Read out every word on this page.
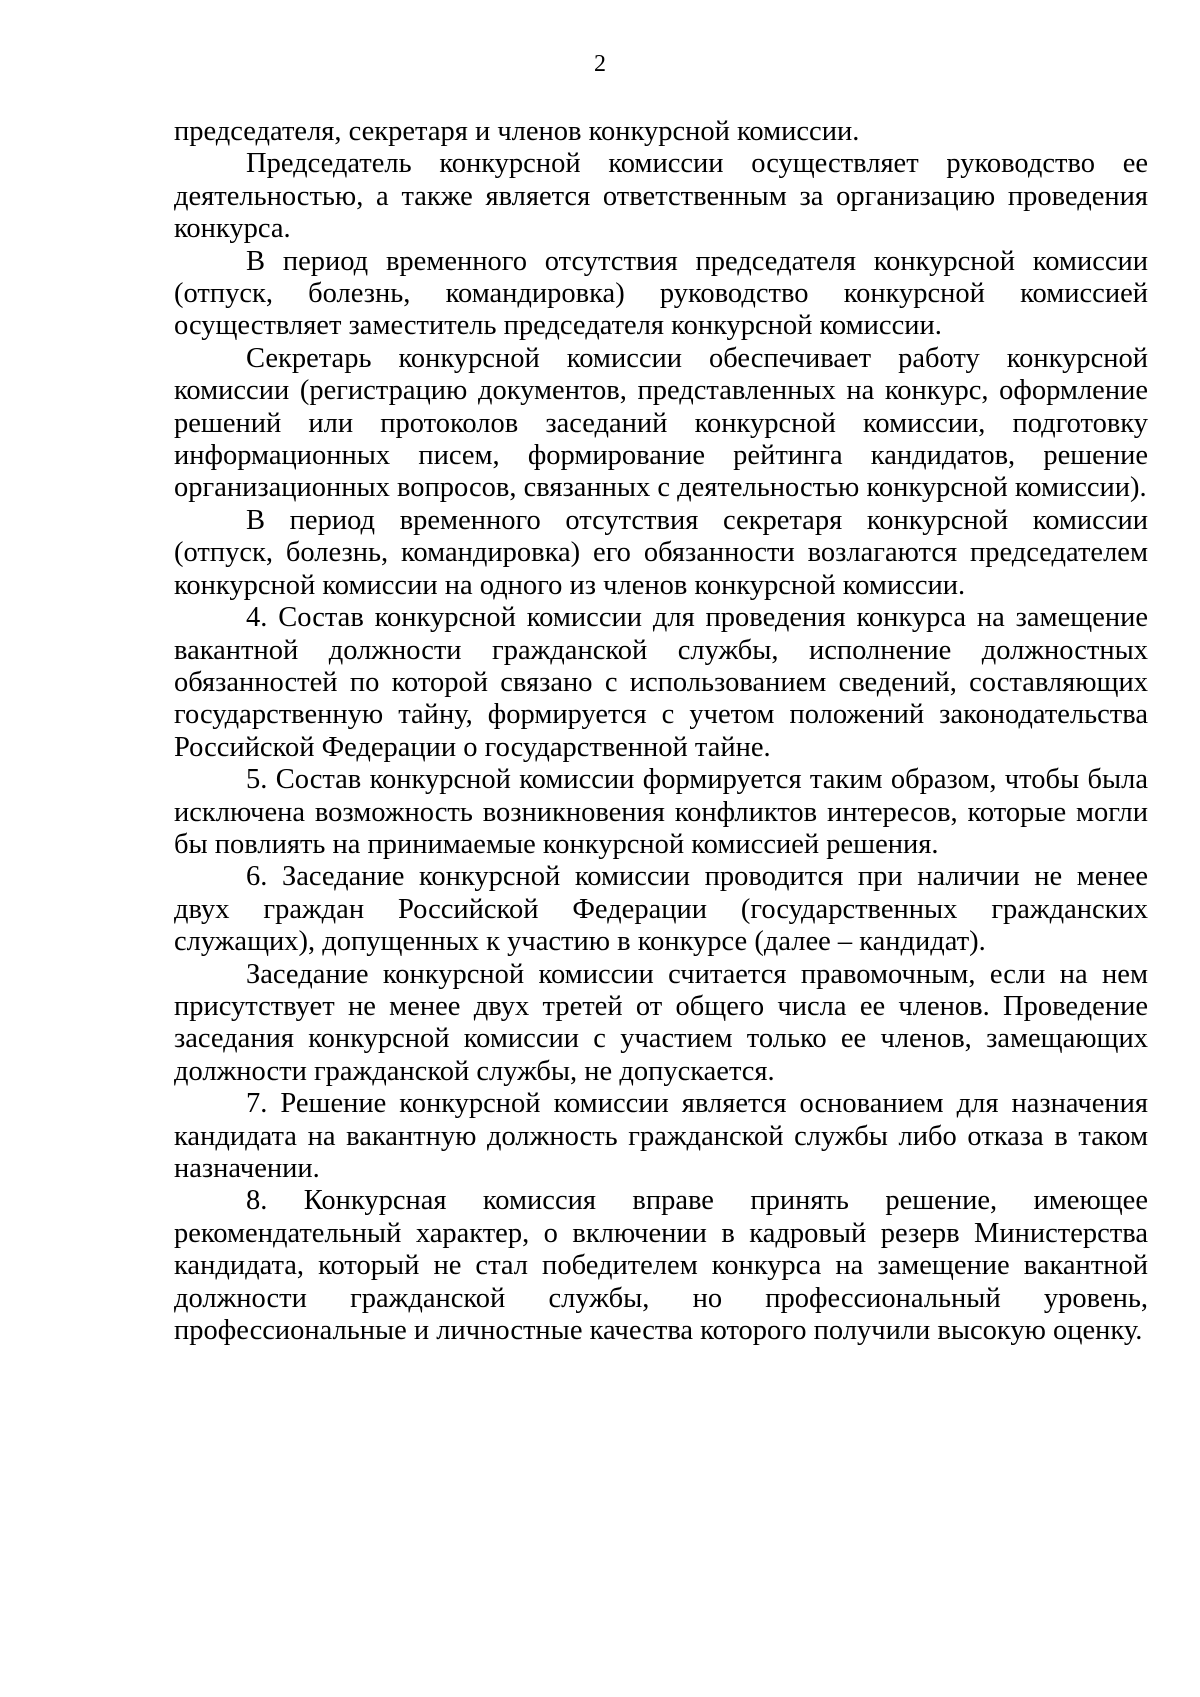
2

председателя, секретаря и членов конкурсной комиссии.

Председатель конкурсной комиссии осуществляет руководство ее деятельностью, а также является ответственным за организацию проведения конкурса.

В период временного отсутствия председателя конкурсной комиссии (отпуск, болезнь, командировка) руководство конкурсной комиссией осуществляет заместитель председателя конкурсной комиссии.

Секретарь конкурсной комиссии обеспечивает работу конкурсной комиссии (регистрацию документов, представленных на конкурс, оформление решений или протоколов заседаний конкурсной комиссии, подготовку информационных писем, формирование рейтинга кандидатов, решение организационных вопросов, связанных с деятельностью конкурсной комиссии).

В период временного отсутствия секретаря конкурсной комиссии (отпуск, болезнь, командировка) его обязанности возлагаются председателем конкурсной комиссии на одного из членов конкурсной комиссии.

4. Состав конкурсной комиссии для проведения конкурса на замещение вакантной должности гражданской службы, исполнение должностных обязанностей по которой связано с использованием сведений, составляющих государственную тайну, формируется с учетом положений законодательства Российской Федерации о государственной тайне.

5. Состав конкурсной комиссии формируется таким образом, чтобы была исключена возможность возникновения конфликтов интересов, которые могли бы повлиять на принимаемые конкурсной комиссией решения.

6. Заседание конкурсной комиссии проводится при наличии не менее двух граждан Российской Федерации (государственных гражданских служащих), допущенных к участию в конкурсе (далее – кандидат).

Заседание конкурсной комиссии считается правомочным, если на нем присутствует не менее двух третей от общего числа ее членов. Проведение заседания конкурсной комиссии с участием только ее членов, замещающих должности гражданской службы, не допускается.

7. Решение конкурсной комиссии является основанием для назначения кандидата на вакантную должность гражданской службы либо отказа в таком назначении.

8. Конкурсная комиссия вправе принять решение, имеющее рекомендательный характер, о включении в кадровый резерв Министерства кандидата, который не стал победителем конкурса на замещение вакантной должности гражданской службы, но профессиональный уровень, профессиональные и личностные качества которого получили высокую оценку.
